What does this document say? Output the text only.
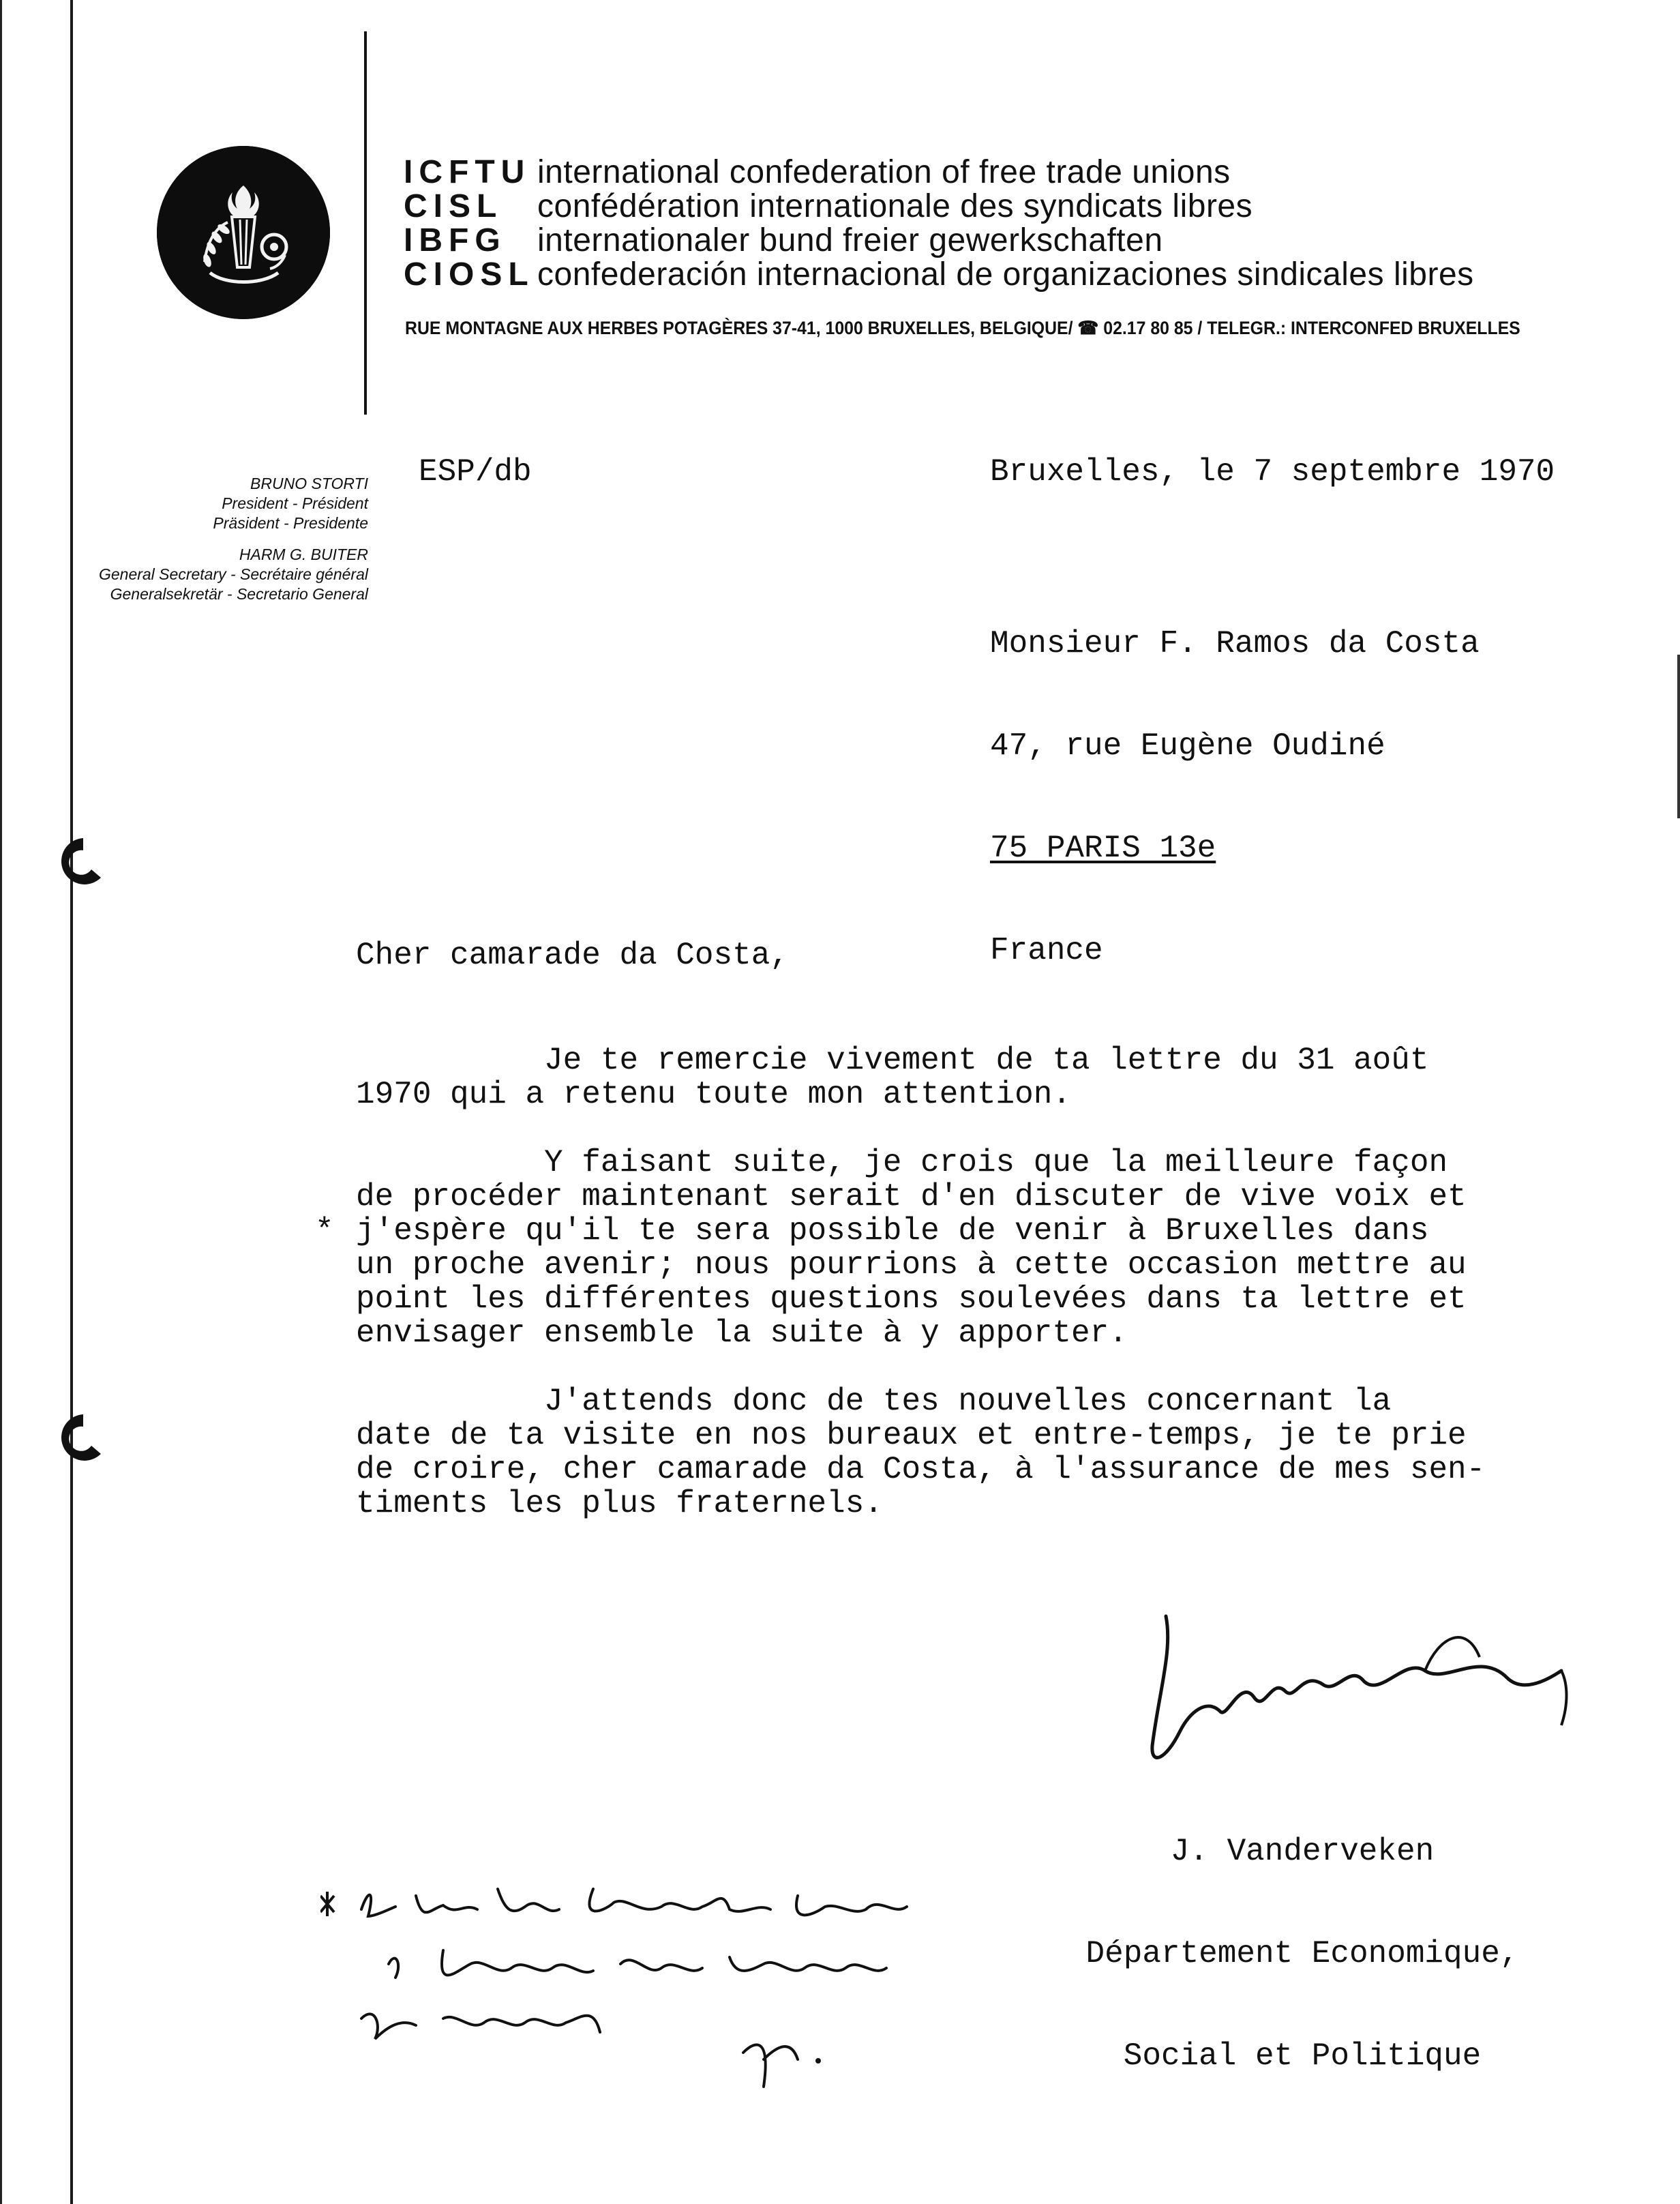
ICFTU international confederation of free trade unions
CISL confédération internationale des syndicats libres
IBFG internationaler bund freier gewerkschaften
CIOSLconfederación internacional de organizaciones sindicales libres
RUE MONTAGNE AUX HERBES POTAGÈRES 37-41, 1000 BRUXELLES, BELGIQUE/ ☎ 02.17 80 85 / TELEGR.: INTERCONFED BRUXELLES
BRUNO STORTI
President - Président
Präsident - Presidente
HARM G. BUITER
General Secretary - Secrétaire général
Generalsekretär - Secretario General
ESP/db	Bruxelles, le 7 septembre 1970

Monsieur F. Ramos da Costa

47, rue Eugène Oudiné

75 PARIS 13e

France

Cher camarade da Costa,
Je te remercie vivement de ta lettre du 31 août
1970 qui a retenu toute mon attention.
Y faisant suite, je crois que la meilleure façon
de procéder maintenant serait d'en discuter de vive voix et
j'espère qu'il te sera possible de venir à Bruxelles dans
un proche avenir; nous pourrions à cette occasion mettre au
point les différentes questions soulevées dans ta lettre et
envisager ensemble la suite à y apporter.
J'attends donc de tes nouvelles concernant la
date de ta visite en nos bureaux et entre-temps, je te prie
de croire, cher camarade da Costa, à l'assurance de mes sen-
timents les plus fraternels.
*

J. Vanderveken

Département Economique,

Social et Politique
